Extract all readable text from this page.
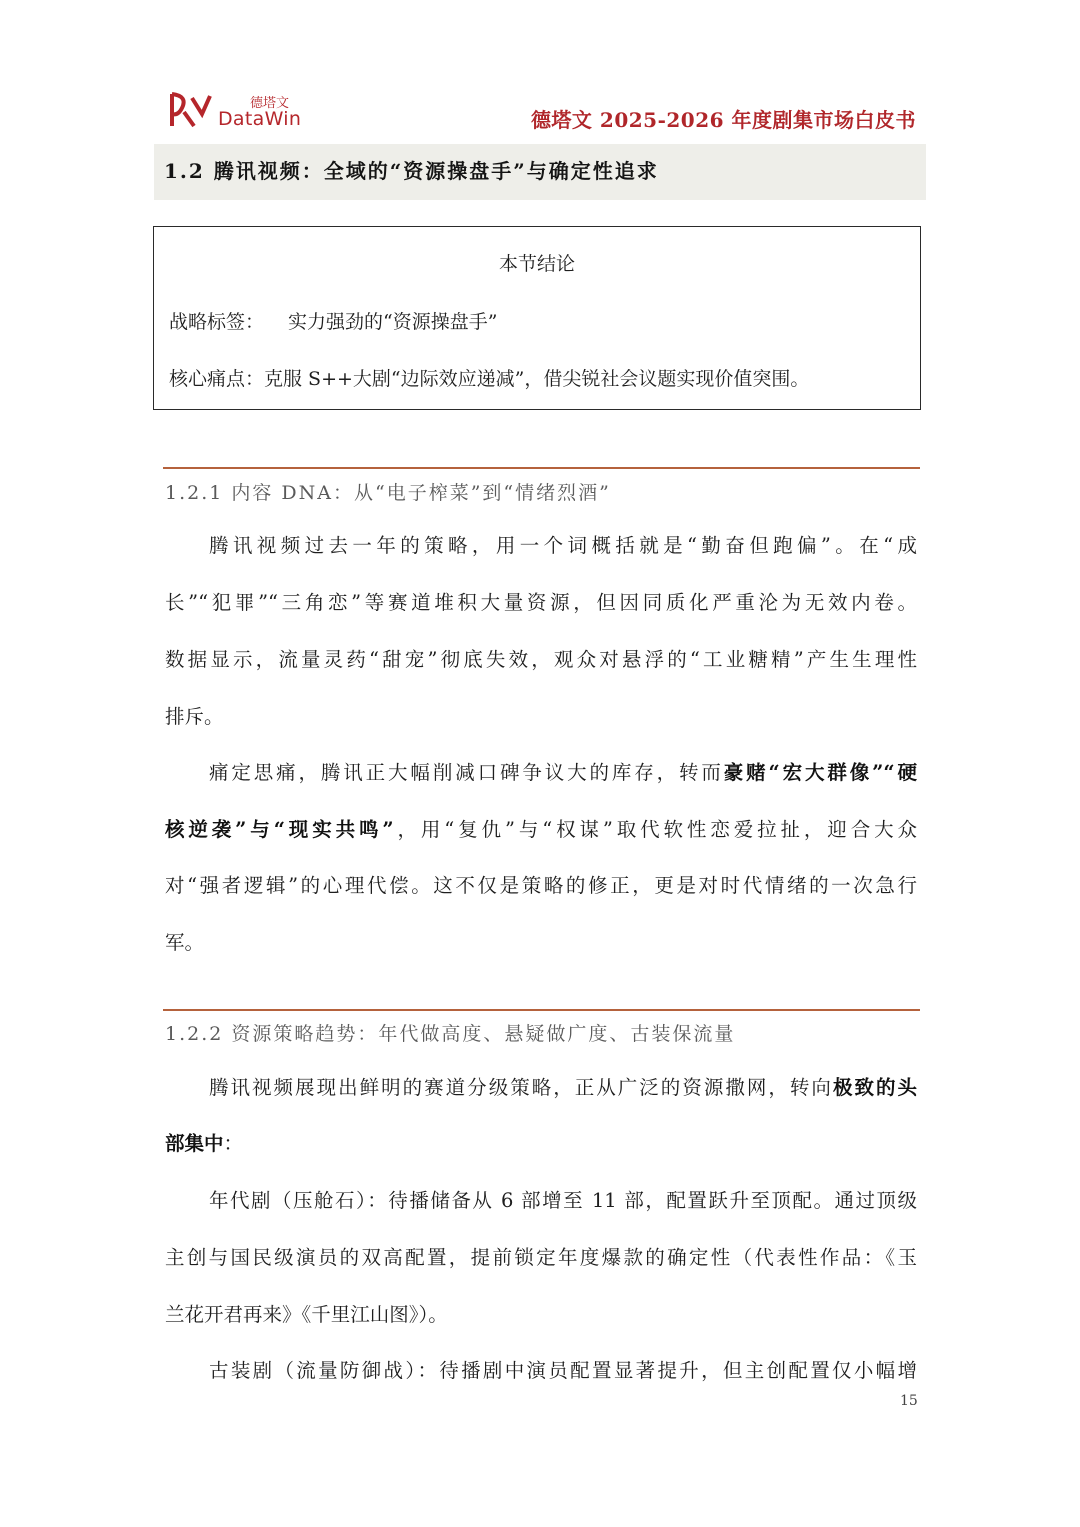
德塔文
DataWin	德塔文 2025-2026 年度剧集市场白皮书
1.2 腾讯视频：全域的“资源操盘手”与确定性追求
本节结论
战略标签： 实力强劲的“资源操盘手”
核心痛点：克服 S++大剧“边际效应递减”，借尖锐社会议题实现价值突围。
1.2.1 内容 DNA：从“电子榨菜”到“情绪烈酒”
腾讯视频过去一年的策略，用一个词概括就是“勤奋但跑偏”。在“成
长”“犯罪”“三角恋”等赛道堆积大量资源，但因同质化严重沦为无效内卷。
数据显示，流量灵药“甜宠”彻底失效，观众对悬浮的“工业糖精”产生生理性
排斥。
痛定思痛，腾讯正大幅削减口碑争议大的库存，转而豪赌“宏大群像”“硬
核逆袭”与“现实共鸣”，用“复仇”与“权谋”取代软性恋爱拉扯，迎合大众
对“强者逻辑”的心理代偿。这不仅是策略的修正，更是对时代情绪的一次急行
军。
1.2.2 资源策略趋势：年代做高度、悬疑做广度、古装保流量
腾讯视频展现出鲜明的赛道分级策略，正从广泛的资源撒网，转向极致的头
部集中：
年代剧（压舱石）：待播储备从 6 部增至 11 部，配置跃升至顶配。通过顶级
主创与国民级演员的双高配置，提前锁定年度爆款的确定性（代表性作品：《玉
兰花开君再来》《千里江山图》）。
古装剧（流量防御战）：待播剧中演员配置显著提升，但主创配置仅小幅增
15
